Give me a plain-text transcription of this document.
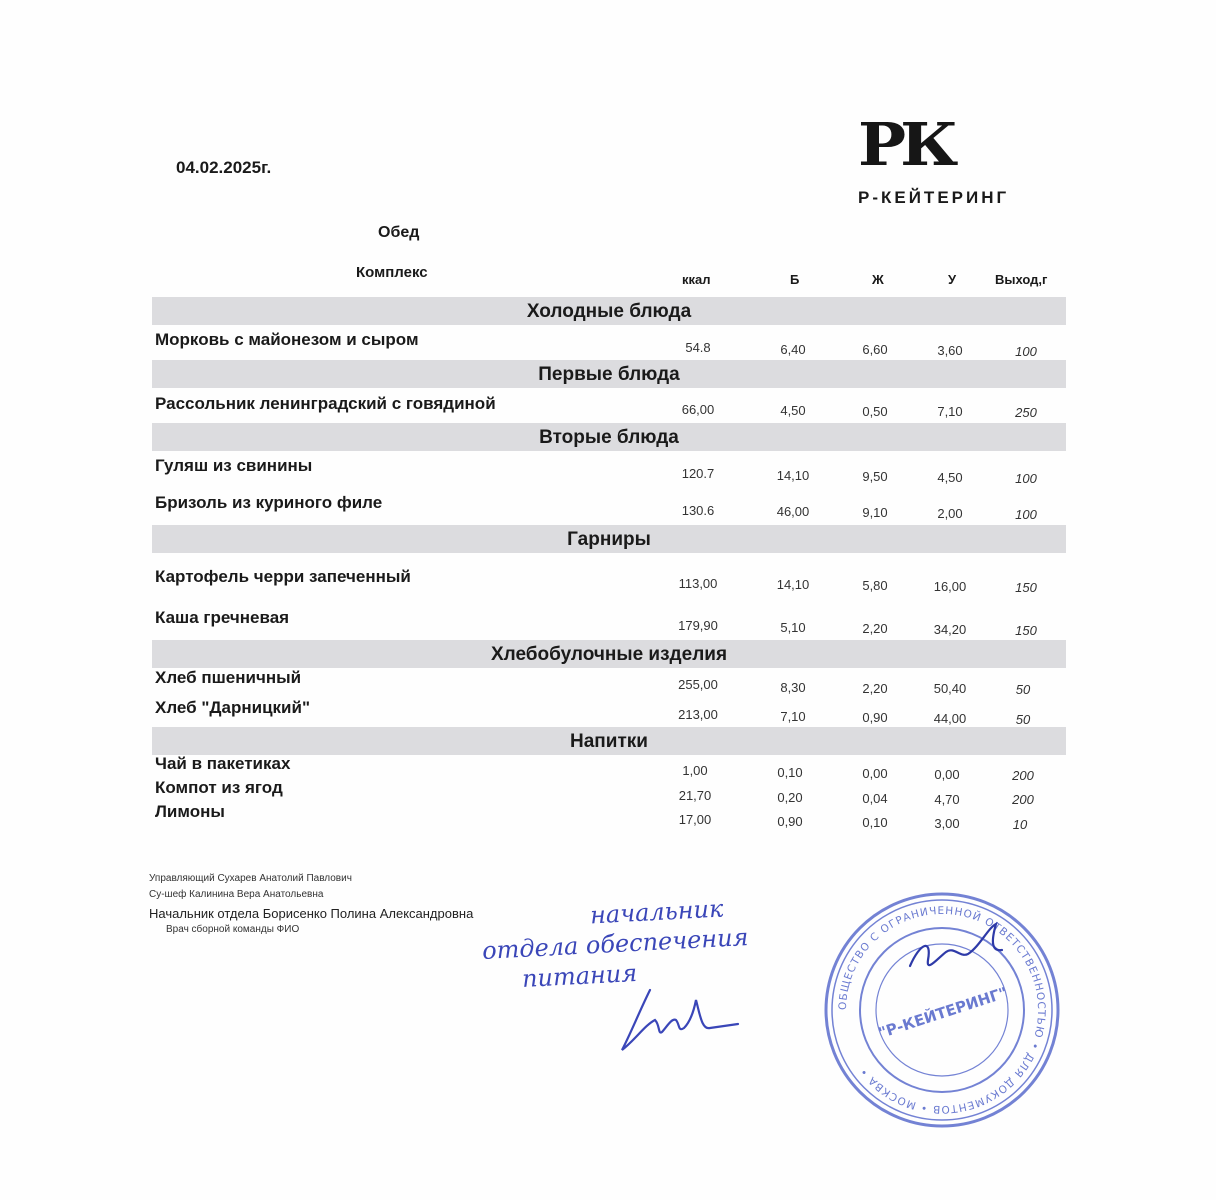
04.02.2025г.	РК
Р-КЕЙТЕРИНГ
Обед
Комплекс	ккал	Б	Ж	У	Выход,г
Холодные блюда
Первые блюда
Вторые блюда
Гарниры
Хлебобулочные изделия
Напитки
Морковь с майонезом и сыром	54.8	6,40	6,60	3,60	100
Рассольник ленинградский с говядиной	66,00	4,50	0,50	7,10	250
Гуляш из свинины	120.7	14,10	9,50	4,50	100
Бризоль из куриного филе	130.6	46,00	9,10	2,00	100
Картофель черри запеченный	113,00	14,10	5,80	16,00	150
Каша гречневая	179,90	5,10	2,20	34,20	150
Хлеб пшеничный	255,00	8,30	2,20	50,40	50
Хлеб "Дарницкий"	213,00	7,10	0,90	44,00	50
Чай в пакетиках	1,00	0,10	0,00	0,00	200
Компот из ягод	21,70	0,20	0,04	4,70	200
Лимоны	17,00	0,90	0,10	3,00	10
Управляющий Сухарев Анатолий Павлович
Су-шеф Калинина Вера Анатольевна
Начальник отдела Борисенко Полина Александровна
Врач сборной команды ФИО
начальник
отдела обеспечения
питания
ОБЩЕСТВО С ОГРАНИЧЕННОЙ ОТВЕТСТВЕННОСТЬЮ • ДЛЯ ДОКУМЕНТОВ • МОСКВА •
"Р-КЕЙТЕРИНГ"
